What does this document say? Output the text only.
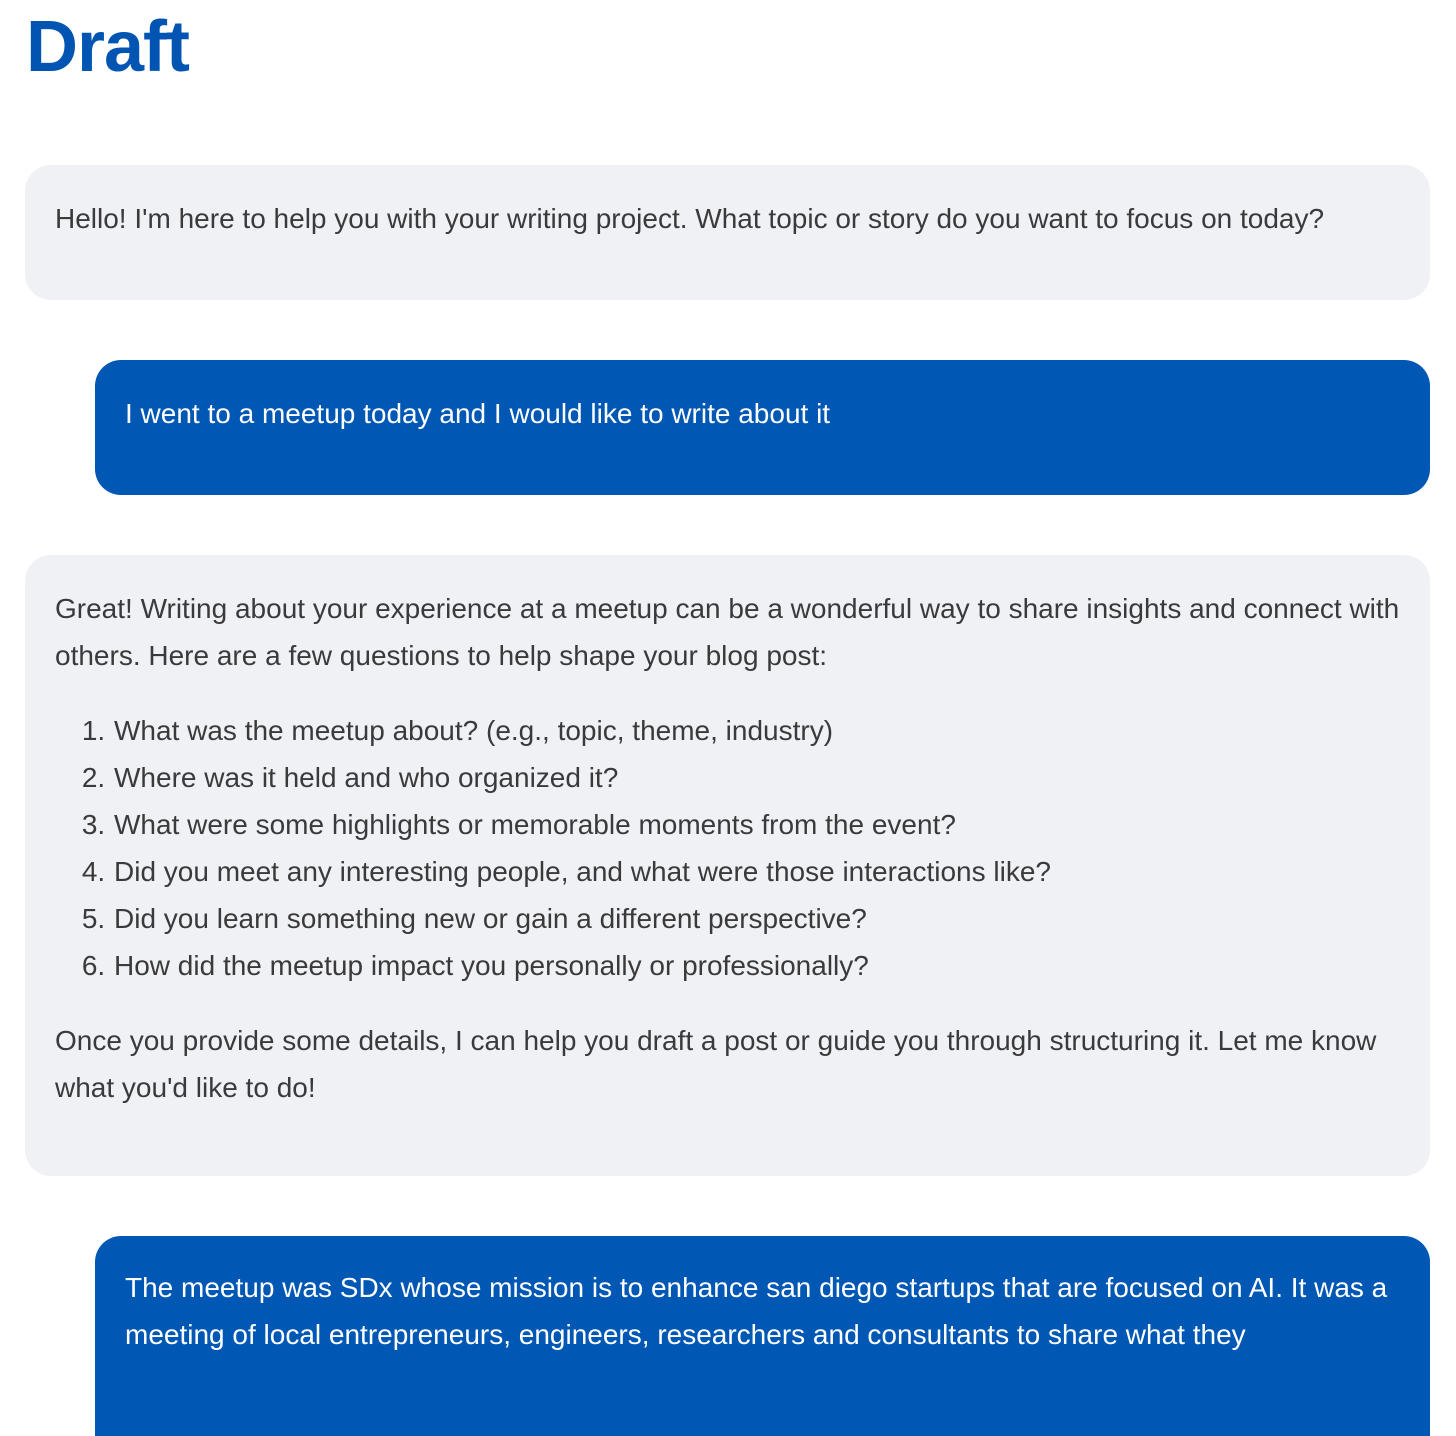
Draft

Hello! I'm here to help you with your writing project. What topic or story do you want to focus on today?

I went to a meetup today and I would like to write about it

Great! Writing about your experience at a meetup can be a wonderful way to share insights and connect with others. Here are a few questions to help shape your blog post:

1. What was the meetup about? (e.g., topic, theme, industry)
2. Where was it held and who organized it?
3. What were some highlights or memorable moments from the event?
4. Did you meet any interesting people, and what were those interactions like?
5. Did you learn something new or gain a different perspective?
6. How did the meetup impact you personally or professionally?

Once you provide some details, I can help you draft a post or guide you through structuring it. Let me know what you'd like to do!

The meetup was SDx whose mission is to enhance san diego startups that are focused on AI. It was a meeting of local entrepreneurs, engineers, researchers and consultants to share what they
